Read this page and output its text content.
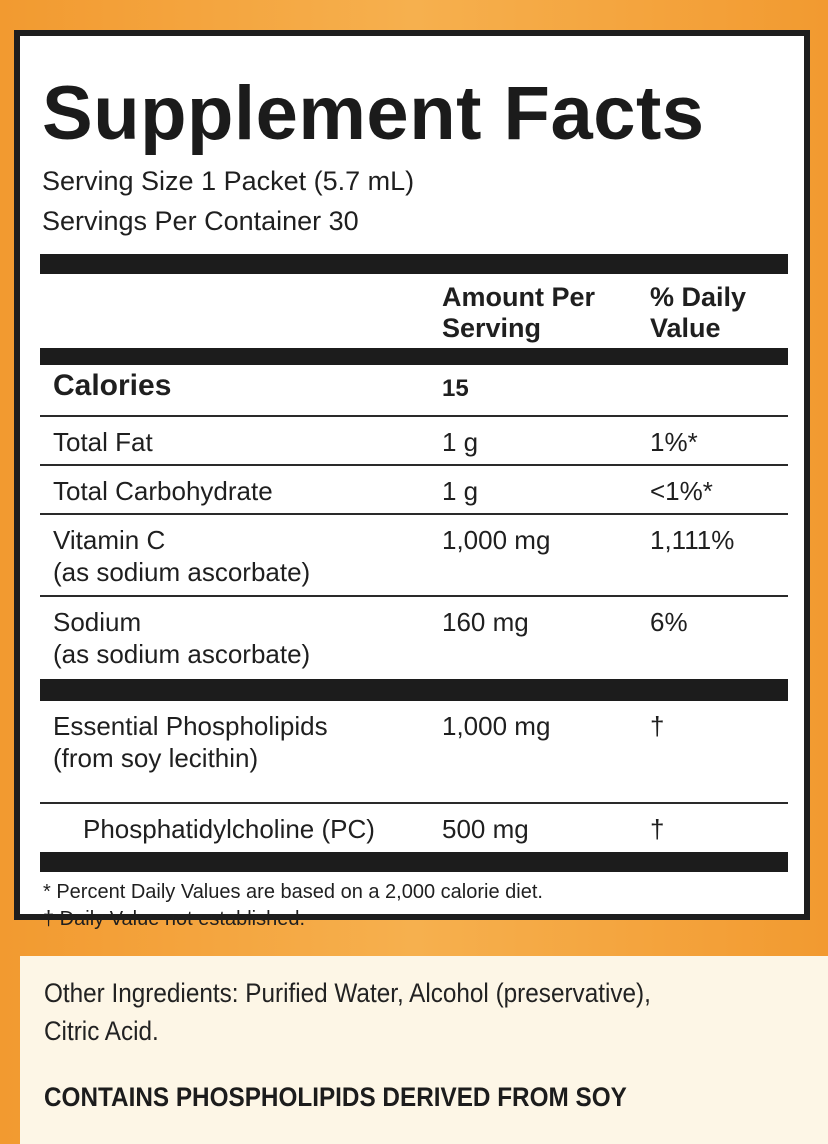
Supplement Facts
Serving Size 1 Packet (5.7 mL)
Servings Per Container 30
Amount Per
Serving
% Daily
Value
Calories	15
Total Fat	1 g	1%*
Total Carbohydrate	1 g	<1%*
Vitamin C
(as sodium ascorbate)
1,000 mg	1,111%
Sodium
(as sodium ascorbate)
160 mg	6%
Essential Phospholipids
(from soy lecithin)
1,000 mg	†
Phosphatidylcholine (PC)	500 mg	†
* Percent Daily Values are based on a 2,000 calorie diet.
† Daily Value not established.
Other Ingredients: Purified Water, Alcohol (preservative),
Citric Acid.
CONTAINS PHOSPHOLIPIDS DERIVED FROM SOY
